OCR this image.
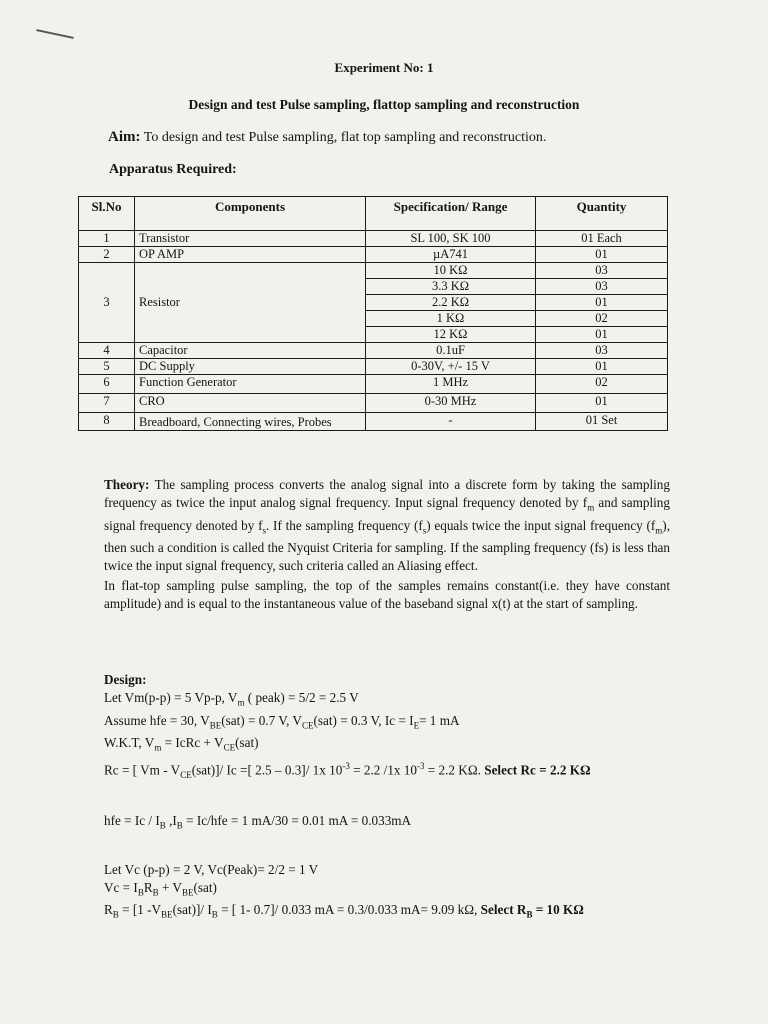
Experiment No: 1
Design and test Pulse sampling, flattop sampling and reconstruction
Aim: To design and test Pulse sampling, flat top sampling and reconstruction.
Apparatus Required:
Sl.No	Components	Specification/ Range	Quantity
1	Transistor	SL 100, SK 100	01 Each
2	OP AMP	µA741	01
3	Resistor	10 KΩ	03
		3.3 KΩ	03
		2.2 KΩ	01
		1 KΩ	02
		12 KΩ	01
4	Capacitor	0.1uF	03
5	DC Supply	0-30V, +/- 15 V	01
6	Function Generator	1 MHz	02
7	CRO	0-30 MHz	01
8	Breadboard, Connecting wires, Probes	-	01 Set

Theory: The sampling process converts the analog signal into a discrete form by taking the sampling frequency as twice the input analog signal frequency. Input signal frequency denoted by $f_m$ and sampling signal frequency denoted by $f_s$. If the sampling frequency $(f_s)$ equals twice the input signal frequency $(f_m)$, then such a condition is called the Nyquist Criteria for sampling. If the sampling frequency (fs) is less than twice the input signal frequency, such criteria called an Aliasing effect.

In flat-top sampling pulse sampling, the top of the samples remains constant(i.e. they have constant amplitude) and is equal to the instantaneous value of the baseband signal x(t) at the start of sampling.

Design:
Let Vm(p-p) = 5 Vp-p, $V_m$ ( peak) = 5/2 = 2.5 V
Assume hfe = 30, $V_{BE}(sat) = 0.7$ V, $V_{CE}(sat) = 0.3$ V, $Ic = I_E= 1$ mA
W.K.T, $V_m$ = IcRc + $V_{CE}(sat)$
Rc = [ Vm - $V_{CE}(sat)]/$ Ic =[ 2.5 – 0.3]/ 1x $10^{-3} = 2.2$ /1x $10^{-3} = 2.2$ KΩ. Select Rc = 2.2 KΩ
hfe = Ic / $I_B$ $,I_B = Ic/hfe = 1$ mA/30 = 0.01 mA = 0.033mA
Let Vc (p-p) = 2 V, Vc(Peak)= 2/2 = 1 V
$Vc = I_BR_B + V_{BE}(sat)$
$R_B = [1$ $-V_{BE}(sat)]/$ $I_B$ = [ 1- 0.7]/ 0.033 mA = 0.3/0.033 mA= 9.09 kΩ, Select $R_B = 10$ KΩ
